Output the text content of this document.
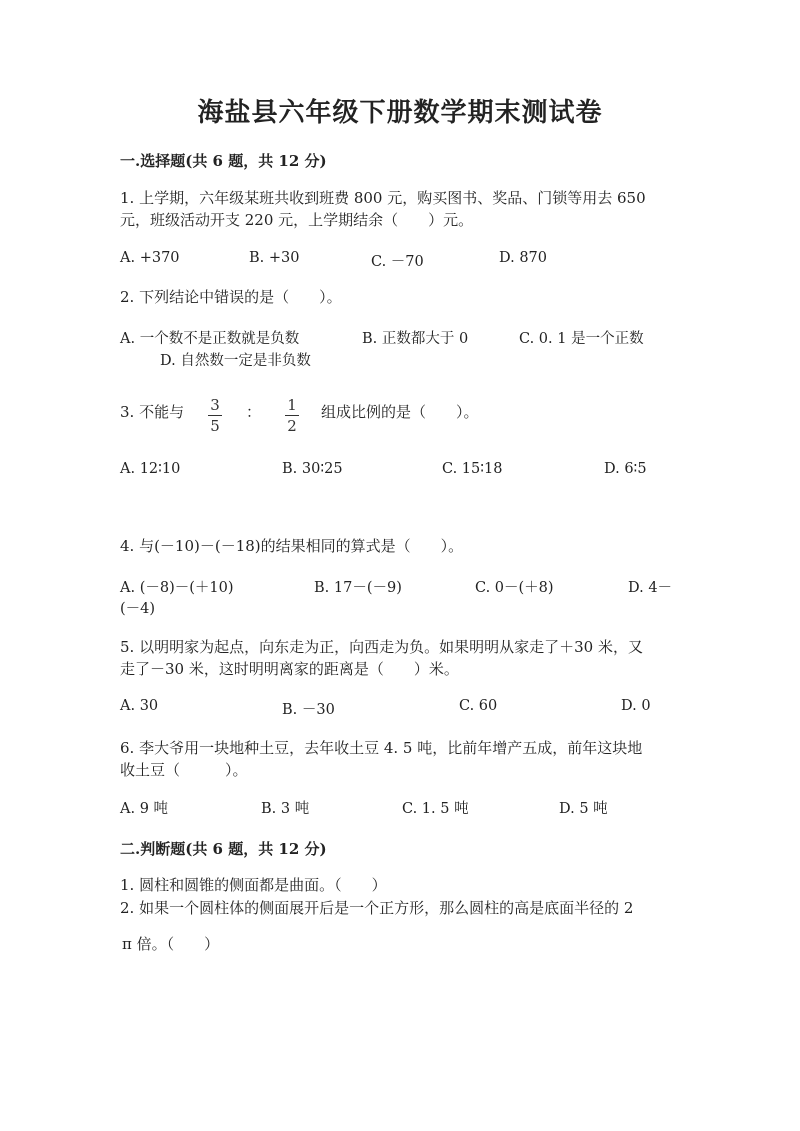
海盐县六年级下册数学期末测试卷
一.选择题(共 6 题，共 12 分)
1. 上学期，六年级某班共收到班费 800 元，购买图书、奖品、门锁等用去 650
元，班级活动开支 220 元，上学期结余（　　）元。
A. +370	B. +30	C. －70	D. 870
2. 下列结论中错误的是（　　）。
A. 一个数不是正数就是负数	B. 正数都大于 0	C. 0. 1 是一个正数
D. 自然数一定是非负数
3. 不能与 3
5
： 1
2
组成比例的是（　　）。
A. 12∶10	B. 30∶25	C. 15∶18	D. 6∶5
4. 与(－10)－(－18)的结果相同的算式是（　　）。
A. (－8)－(＋10)	B. 17－(－9)	C. 0－(＋8)	D. 4－
(－4)
5. 以明明家为起点，向东走为正，向西走为负。如果明明从家走了＋30 米，又
走了－30 米，这时明明离家的距离是（　　）米。
A. 30	B. －30	C. 60	D. 0
6. 李大爷用一块地种土豆，去年收土豆 4. 5 吨，比前年增产五成，前年这块地
收土豆（　　　）。
A. 9 吨	B. 3 吨	C. 1. 5 吨	D. 5 吨
二.判断题(共 6 题，共 12 分)
1. 圆柱和圆锥的侧面都是曲面。（　　）
2. 如果一个圆柱体的侧面展开后是一个正方形，那么圆柱的高是底面半径的 2
π 倍。（　　）
